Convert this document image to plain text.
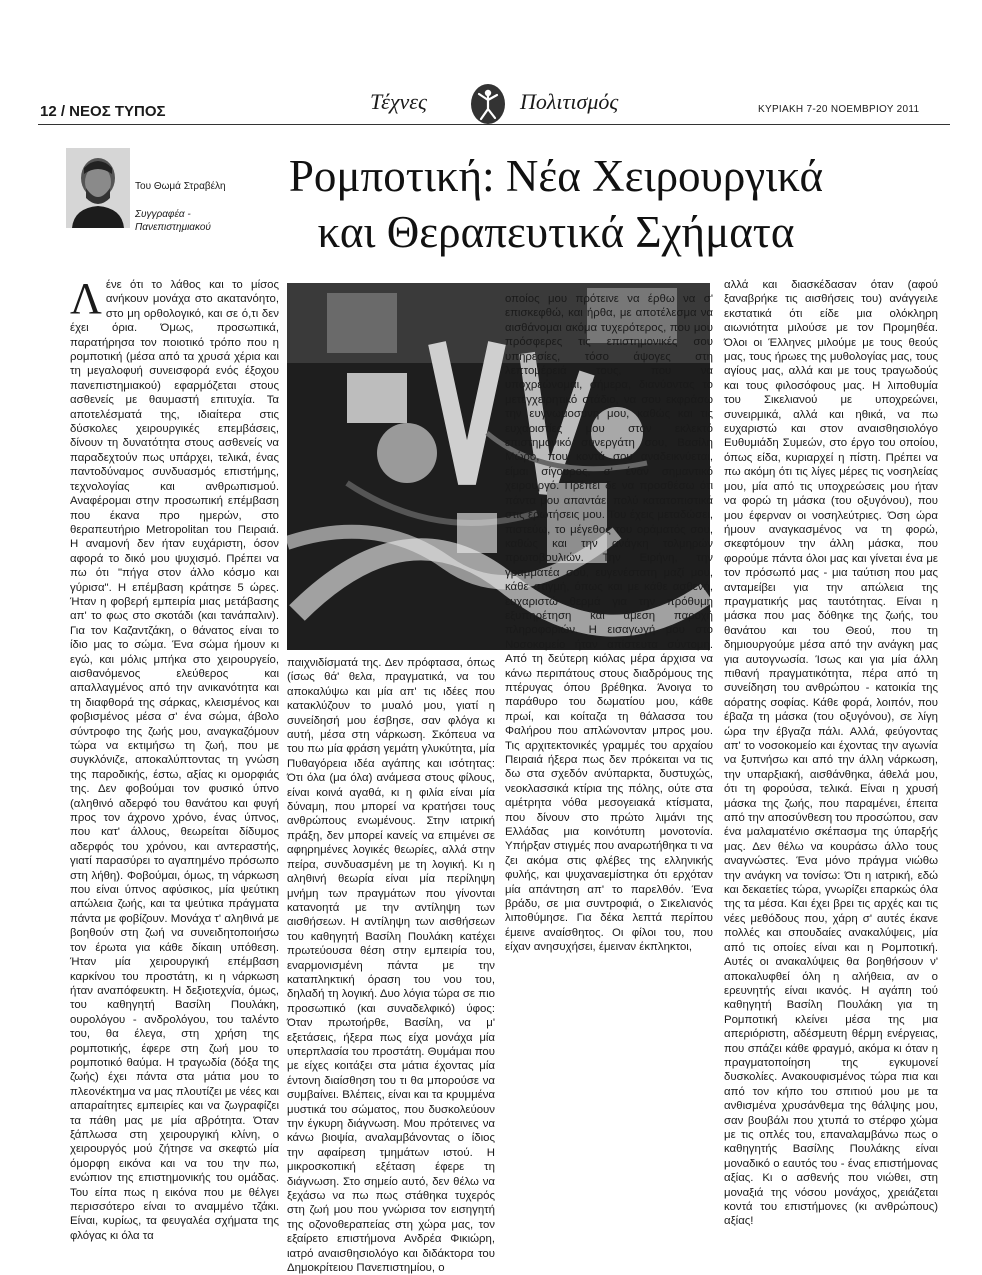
12 / ΝΕΟΣ ΤΥΠΟΣ	Τέχνες	Πολιτισμός	ΚΥΡΙΑΚΗ 7-20 ΝΟΕΜΒΡΙΟΥ 2011
Του Θωμά Στραβέλη
Συγγραφέα - Πανεπιστημιακού
Ρομποτική: Νέα Χειρουργικά
και Θεραπευτικά Σχήματα
Λ ένε ότι το λάθος και το μίσος ανήκουν μονάχα στο ακατανόητο, στο μη ορθολογικό, και σε ό,τι δεν έχει όρια. Όμως, προσωπικά, παρατήρησα τον ποιοτικό τρόπο που η ρομποτική (μέσα από τα χρυσά χέρια και τη μεγαλοφυή συνεισφορά ενός έξοχου πανεπιστημιακού) εφαρμόζεται στους ασθενείς με θαυμαστή επιτυχία. Τα αποτελέσματά της, ιδιαίτερα στις δύσκολες χειρουργικές επεμβάσεις, δίνουν τη δυνατότητα στους ασθενείς να παραδεχτούν πως υπάρχει, τελικά, ένας παντοδύναμος συνδυασμός επιστήμης, τεχνολογίας και ανθρωπισμού. Αναφέρομαι στην προσωπική επέμβαση που έκανα προ ημερών, στο θεραπευτήριο Metropolitan του Πειραιά. Η αναμονή δεν ήταν ευχάριστη, όσον αφορά το δικό μου ψυχισμό. Πρέπει να πω ότι "πήγα στον άλλο κόσμο και γύρισα". Η επέμβαση κράτησε 5 ώρες. Ήταν η φοβερή εμπειρία μιας μετάβασης απ' το φως στο σκοτάδι (και τανάπαλιν). Για τον Καζαντζάκη, ο θάνατος είναι το ίδιο μας το σώμα. Ένα σώμα ήμουν κι εγώ, και μόλις μπήκα στο χειρουργείο, αισθανόμενος ελεύθερος και απαλλαγμένος από την ανικανότητα και τη διαφθορά της σάρκας, κλεισμένος και φοβισμένος μέσα σ' ένα σώμα, άβολο σύντροφο της ζωής μου, αναγκαζόμουν τώρα να εκτιμήσω τη ζωή, που με συγκλόνιζε, αποκαλύπτοντας τη γνώση της παροδικής, έστω, αξίας κι ομορφιάς της. Δεν φοβούμαι τον φυσικό ύπνο (αληθινό αδερφό του θανάτου και φυγή προς τον άχρονο χρόνο, ένας ύπνος, που κατ' άλλους, θεωρείται δίδυμος αδερφός του χρόνου, και ανтεραστής, γιατί παρασύρει το αγαπημένο πρόσωπο στη λήθη). Φοβούμαι, όμως, τη νάρκωση που είναι ύπνος αφύσικος, μία ψεύτικη απώλεια ζωής, και τα ψεύτικα πράγματα πάντα με φοβίζουν. Μονάχα τ' αληθινά με βοηθούν στη ζωή να συνειδητοποιήσω τον έρωτα για κάθε δίκαιη υπόθεση. Ήταν μία χειρουργική επέμβαση καρκίνου του προστάτη, κι η νάρκωση ήταν αναπόφευκτη. Η δεξιοτεχνία, όμως, του καθηγητή Βασίλη Πουλάκη, ουρολόγου - ανδρολόγου, του ταλέντο του, θα έλεγα, στη χρήση της ρομποτικής, έφερε στη ζωή μου το ρομποτικό θαύμα. Η τραγωδία (δόξα της ζωής) έχει πάντα στα μάτια μου το πλεονέκτημα να μας πλουτίζει με νέες και απαραίτητες εμπειρίες και να ζωγραφίζει τα πάθη μας με μία αβρότητα. Όταν ξάπλωσα στη χειρουργική κλίνη, ο χειρουργός μού ζήτησε να σκεφτώ μία όμορφη εικόνα και να του την πω, ενώπιον της επιστημονικής του ομάδας. Του είπα πως η εικόνα που με θέλγει περισσότερο είναι το αναμμένο τζάκι. Είναι, κυρίως, τα φευγαλέα σχήματα της φλόγας κι όλα τα

παιχνιδίσματά της. Δεν πρόφτασα, όπως (ίσως θά' θελα, πραγματικά, να του αποκαλύψω και μία απ' τις ιδέες που κατακλύζουν το μυαλό μου, γιατί η συνείδησή μου έσβησε, σαν φλόγα κι αυτή, μέσα στη νάρκωση. Σκόπευα να του πω μία φράση γεμάτη γλυκύτητα, μία Πυθαγόρεια ιδέα αγάπης και ισότητας: Ότι όλα (μα όλα) ανάμεσα στους φίλους, είναι κοινά αγαθά, κι η φιλία είναι μία δύναμη, που μπορεί να κρατήσει τους ανθρώπους ενωμένους. Στην ιατρική πράξη, δεν μπορεί κανείς να επιμένει σε αφηρημένες λογικές θεωρίες, αλλά στην πείρα, συνδυασμένη με τη λογική. Κι η αληθινή θεωρία είναι μία περίληψη μνήμη των πραγμάτων που γίνονται κατανοητά με την αντίληψη των αισθήσεων. Η αντίληψη των αισθήσεων του καθηγητή Βασίλη Πουλάκη κατέχει πρωτεύουσα θέση στην εμπειρία του, εναρμονισμένη πάντα με την καταπληκτική όραση του νου του, δηλαδή τη λογική. Δυο λόγια τώρα σε πιο προσωπικό (και συναδελφικό) ύφος: Όταν πρωτοήρθε, Βασίλη, να μ' εξετάσεις, ήξερα πως είχα μονάχα μία υπερπλασία του προστάτη. Θυμάμαι που με είχες κοιτάξει στα μάτια έχοντας μία έντονη διαίσθηση του τι θα μπορούσε να συμβαίνει. Βλέπεις, είναι και τα κρυμμένα μυστικά του σώματος, που δυσκολεύουν την έγκυρη διάγνωση. Μου πρότεινες να κάνω βιοψία, αναλαμβάνοντας ο ίδιος την αφαίρεση τμημάτων ιστού. Η μικροσκοπική εξέταση έφερε τη διάγνωση. Στο σημείο αυτό, δεν θέλω να ξεχάσω να πω πως στάθηκα τυχερός στη ζωή μου που γνώρισα τον εισηγητή της οζονοθεραπείας στη χώρα μας, τον εξαίρετο επιστήμονα Ανδρέα Φικιώρη, ιατρό αναισθησιολόγο και διδάκτορα του Δημοκρίτειου Πανεπιστημίου, ο

οποίος μου πρότεινε να έρθω να σ' επισκεφθώ, και ήρθα, με αποτέλεσμα να αισθάνομαι ακόμα τυχερότερος, που μου πρόσφερες τις επιστημονικές σου υπηρεσίες, τόσο άψογες στη λεπτομέρειά τους, που να υποχρεώνομαι, σήμερα, διανύοντας το μετεγχειρητικό στάδιο, να σου εκφράσω την ευγνωμοσύνη μου, καθώς και τις ευχαριστίες μου στον εκλεκτό επιστημονικό συνεργάτη σου, Βασίλη Μώρο, που κοντά σου αναδεικνύεται, είμαι σίγουρος, σ' έναν σημαντικό χειρουργό. Πρέπει δε να προσθέσω ότι πάντα μου απαντάει πολύ κατατοπιστικά στις ερωτήσεις μου. Του έχεις μεταδώσει, πιστεύω, το μέγεθος του οράματός σου, καθώς και την ανάγκη τολμηρών πρωτοβουλιών. Την Ειρήνη, την γραμματέα σου, ευγενέστατη μαζί μου, κάθε στιγμή, όπως και με κάθε ασθενή, ευχαριστώ θερμά για την πρόθυμη εξυπηρέτηση και άμεση παροχή πληροφοριών. Η εισαγωγή μου στο Νοσοκομείο ήταν απίστευτα σύντομη. Από τη δεύτερη κιόλας μέρα άρχισα να κάνω περιπάτους στους διαδρόμους της πτέρυγας όπου βρέθηκα. Άνοιγα το παράθυρο του δωματίου μου, κάθε πρωί, και κοίταζα τη θάλασσα του Φαλήρου που απλώνονταν μπρος μου. Τις αρχιτεκτονικές γραμμές του αρχαίου Πειραιά ήξερα πως δεν πρόκειται να τις δω στα σχεδόν ανύπαρκτα, δυστυχώς, νεοκλασσικά κτίρια της πόλης, ούτε στα αμέτρητα νόθα μεσογειακά κτίσματα, που δίνουν στο πρώτο λιμάνι της Ελλάδας μια κοινότυπη μονοτονία. Υπήρξαν στιγμές που αναρωτήθηκα τι να ζει ακόμα στις φλέβες της ελληνικής φυλής, και ψυχαναεμίστηκα ότι ερχόταν μία απάντηση απ' το παρελθόν. Ένα βράδυ, σε μια συντροφιά, ο Σικελιανός λιποθύμησε. Για δέκα λεπτά περίπου έμεινε αναίσθητος. Οι φίλοι του, που είχαν ανησυχήσει, έμειναν έκπληκτοι,

αλλά και διασκέδασαν όταν (αφού ξαναβρήκε τις αισθήσεις του) ανάγγειλε εκστατικά ότι είδε μια ολόκληρη αιωνιότητα μιλούσε με τον Προμηθέα. Όλοι οι Έλληνες μιλούμε με τους θεούς μας, τους ήρωες της μυθολογίας μας, τους αγίους μας, αλλά και με τους τραγωδούς και τους φιλοσόφους μας. Η λιποθυμία του Σικελιανού με υποχρεώνει, συνειρμικά, αλλά και ηθικά, να πω ευχαριστώ και στον αναισθησιολόγο Ευθυμιάδη Συμεών, στο έργο του οποίου, όπως είδα, κυριαρχεί η πίστη. Πρέπει να πω ακόμη ότι τις λίγες μέρες τις νοσηλείας μου, μία από τις υποχρεώσεις μου ήταν να φορώ τη μάσκα (του οξυγόνου), που μου έφερναν οι νοσηλεύτριες. Όση ώρα ήμουν αναγκασμένος να τη φορώ, σκεφτόμουν την άλλη μάσκα, που φορούμε πάντα όλοι μας και γίνεται ένα με τον πρόσωπό μας - μια ταύτιση που μας ανταμείβει για την απώλεια της πραγματικής μας ταυτότητας. Είναι η μάσκα που μας δόθηκε της ζωής, του θανάτου και του Θεού, που τη δημιουργούμε μέσα από την ανάγκη μας για αυτογνωσία. Ίσως και για μία άλλη πιθανή πραγματικότητα, πέρα από τη συνείδηση του ανθρώπου - κατοικία της αόρατης σοφίας. Κάθε φορά, λοιπόν, που έβαζα τη μάσκα (του οξυγόνου), σε λίγη ώρα την έβγαζα πάλι. Αλλά, φεύγοντας απ' το νοσοκομείο και έχοντας την αγωνία να ξυπνήσω και από την άλλη νάρκωση, την υπαρξιακή, αισθάνθηκα, άθελά μου, ότι τη φορούσα, τελικά. Είναι η χρυσή μάσκα της ζωής, που παραμένει, έπειτα από την αποσύνθεση του προσώπου, σαν ένα μαλαματένιο σκέπασμα της ύπαρξής μας. Δεν θέλω να κουράσω άλλο τους αναγνώστες. Ένα μόνο πράγμα νιώθω την ανάγκη να τονίσω: Ότι η ιατρική, εδώ και δεκαετίες τώρα, γνωρίζει επαρκώς όλα της τα μέσα. Και έχει βρει τις αρχές και τις νέες μεθόδους που, χάρη σ' αυτές έκανε πολλές και σπουδαίες ανακαλύψεις, μία από τις οποίες είναι και η Ρομποτική. Αυτές οι ανακαλύψεις θα βοηθήσουν ν' αποκαλυφθεί όλη η αλήθεια, αν ο ερευνητής είναι ικανός. Η αγάπη τού καθηγητή Βασίλη Πουλάκη για τη Ρομποτική κλείνει μέσα της μια απεριόριστη, αδέσμευτη θέρμη ενέργειας, που σπάζει κάθε φραγμό, ακόμα κι όταν η πραγματοποίηση της εγκυμονεί δυσκολίες. Ανακουφισμένος τώρα πια και από τον κήπο του σπιτιού μου με τα ανθισμένα χρυσάνθεμα της θάλψης μου, σαν βουβάλι που χτυπά το στέρφο χώμα με τις οπλές του, επαναλαμβάνω πως ο καθηγητής Βασίλης Πουλάκης είναι μοναδικό ο εαυτός του - ένας επιστήμονας αξίας. Κι ο ασθενής που νιώθει, στη μοναξιά της νόσου μονάχος, χρειάζεται κοντά του επιστήμονες (κι ανθρώπους) αξίας!
